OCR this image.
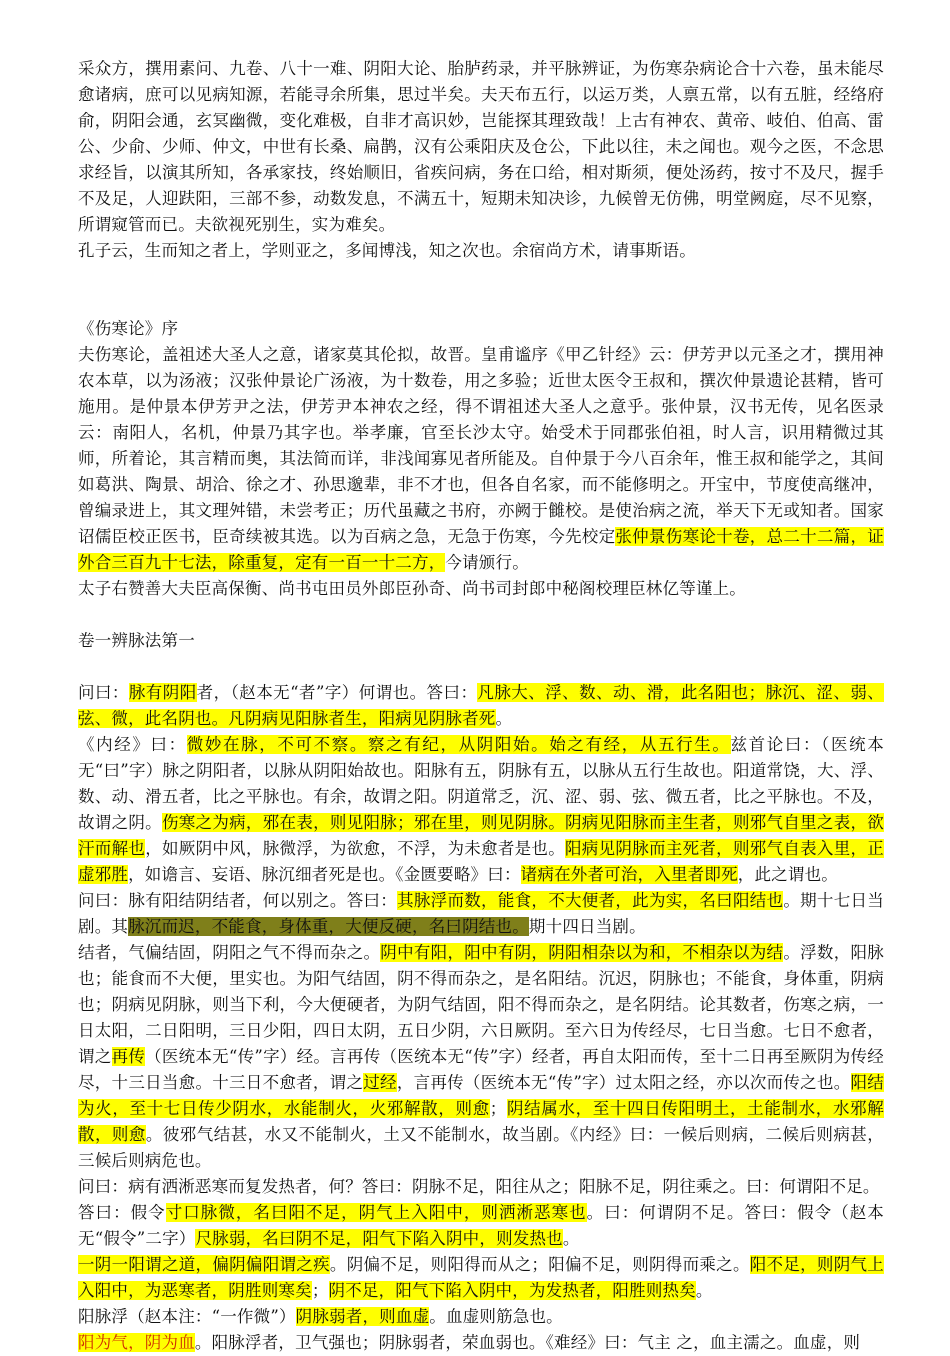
采众方，撰用素问、九卷、八十一难、阴阳大论、胎胪药录，并平脉辨证，为伤寒杂病论合十六卷，虽未能尽愈诸病，庶可以见病知源，若能寻余所集，思过半矣。夫天布五行，以运万类，人禀五常，以有五脏，经络府俞，阴阳会通，玄冥幽微，变化难极，自非才高识妙，岂能探其理致哉！上古有神农、黄帝、岐伯、伯高、雷公、少俞、少师、仲文，中世有长桑、扁鹊，汉有公乘阳庆及仓公，下此以往，未之闻也。观今之医，不念思求经旨，以演其所知，各承家技，终始顺旧，省疾问病，务在口给，相对斯须，便处汤药，按寸不及尺，握手不及足，人迎趺阳，三部不参，动数发息，不满五十，短期未知决诊，九候曾无仿佛，明堂阙庭，尽不见察，所谓窥管而已。夫欲视死别生，实为难矣。

孔子云，生而知之者上，学则亚之，多闻博浅，知之次也。余宿尚方术，请事斯语。

《伤寒论》序

夫伤寒论，盖祖述大圣人之意，诸家莫其伦拟，故晋。皇甫谧序《甲乙针经》云：伊芳尹以元圣之才，撰用神农本草，以为汤液；汉张仲景论广汤液，为十数卷，用之多验；近世太医令王叔和，撰次仲景遗论甚精，皆可施用。是仲景本伊芳尹之法，伊芳尹本神农之经，得不谓祖述大圣人之意乎。张仲景，汉书无传，见名医录云：南阳人，名机，仲景乃其字也。举孝廉，官至长沙太守。始受术于同郡张伯祖，时人言，识用精微过其师，所着论，其言精而奥，其法简而详，非浅闻寡见者所能及。自仲景于今八百余年，惟王叔和能学之，其间如葛洪、陶景、胡洽、徐之才、孙思邈辈，非不才也，但各自名家，而不能修明之。开宝中，节度使高继冲，曾编录进上，其文理舛错，未尝考正；历代虽藏之书府，亦阙于雠校。是使治病之流，举天下无或知者。国家诏儒臣校正医书，臣奇续被其选。以为百病之急，无急于伤寒，今先校定张仲景伤寒论十卷，总二十二篇，证外合三百九十七法，除重复，定有一百一十二方，今请颁行。

太子右赞善大夫臣高保衡、尚书屯田员外郎臣孙奇、尚书司封郎中秘阁校理臣林亿等谨上。

卷一辨脉法第一

问曰：脉有阴阳者，（赵本无“者”字）何谓也。答曰：凡脉大、浮、数、动、滑，此名阳也；脉沉、涩、弱、弦、微，此名阴也。凡阴病见阳脉者生，阳病见阴脉者死。

《内经》曰：微妙在脉，不可不察。察之有纪，从阴阳始。始之有经，从五行生。兹首论曰：（医统本无“曰”字）脉之阴阳者，以脉从阴阳始故也。阳脉有五，阴脉有五，以脉从五行生故也。阳道常饶，大、浮、数、动、滑五者，比之平脉也。有余，故谓之阳。阴道常乏，沉、涩、弱、弦、微五者，比之平脉也。不及，故谓之阴。伤寒之为病，邪在表，则见阳脉；邪在里，则见阴脉。阴病见阳脉而主生者，则邪气自里之表，欲汗而解也，如厥阴中风，脉微浮，为欲愈，不浮，为未愈者是也。阳病见阴脉而主死者，则邪气自表入里，正虚邪胜，如谵言、妄语、脉沉细者死是也。《金匮要略》曰：诸病在外者可治，入里者即死，此之谓也。

问曰：脉有阳结阴结者，何以别之。答曰：其脉浮而数，能食，不大便者，此为实，名曰阳结也。期十七日当剧。其脉沉而迟，不能食，身体重，大便反硬，名曰阴结也。期十四日当剧。

结者，气偏结固，阴阳之气不得而杂之。阴中有阳，阳中有阴，阴阳相杂以为和，不相杂以为结。浮数，阳脉也；能食而不大便，里实也。为阳气结固，阴不得而杂之，是名阳结。沉迟，阴脉也；不能食，身体重，阴病也；阴病见阴脉，则当下利，今大便硬者，为阴气结固，阳不得而杂之，是名阴结。论其数者，伤寒之病，一日太阳，二日阳明，三日少阳，四日太阴，五日少阴，六日厥阴。至六日为传经尽，七日当愈。七日不愈者，谓之再传（医统本无“传”字）经。言再传（医统本无“传”字）经者，再自太阳而传，至十二日再至厥阴为传经尽，十三日当愈。十三日不愈者，谓之过经，言再传（医统本无“传”字）过太阳之经，亦以次而传之也。阳结为火，至十七日传少阴水，水能制火，火邪解散，则愈；阴结属水，至十四日传阳明土，土能制水，水邪解散，则愈。彼邪气结甚，水又不能制火，土又不能制水，故当剧。《内经》曰：一候后则病，二候后则病甚，三候后则病危也。

问曰：病有洒淅恶寒而复发热者，何？答曰：阴脉不足，阳往从之；阳脉不足，阴往乘之。曰：何谓阳不足。

答曰：假令寸口脉微，名曰阳不足，阴气上入阳中，则洒淅恶寒也。曰：何谓阴不足。答曰：假令（赵本无“假令”二字）尺脉弱，名曰阴不足，阳气下陷入阴中，则发热也。

一阴一阳谓之道，偏阴偏阳谓之疾。阴偏不足，则阳得而从之；阳偏不足，则阴得而乘之。阳不足，则阴气上入阳中，为恶寒者，阴胜则寒矣；阴不足，阳气下陷入阴中，为发热者，阳胜则热矣。

阳脉浮（赵本注：“一作微”）阴脉弱者，则血虚。血虚则筋急也。

阳为气，阴为血。阳脉浮者，卫气强也；阴脉弱者，荣血弱也。《难经》曰：气主 之，血主濡之。血虚，则
